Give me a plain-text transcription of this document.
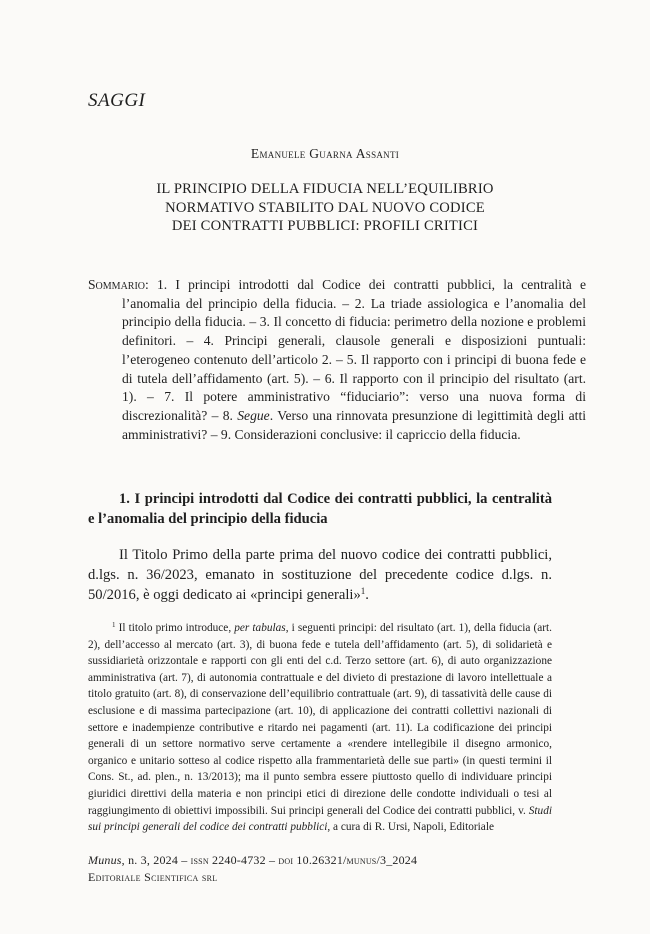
SAGGI
Emanuele Guarna Assanti
IL PRINCIPIO DELLA FIDUCIA NELL’EQUILIBRIO
NORMATIVO STABILITO DAL NUOVO CODICE
DEI CONTRATTI PUBBLICI: PROFILI CRITICI
Sommario: 1. I principi introdotti dal Codice dei contratti pubblici, la centralità e l’anomalia del principio della fiducia. – 2. La triade assiologica e l’anomalia del principio della fiducia. – 3. Il concetto di fiducia: perimetro della nozione e problemi definitori. – 4. Principi generali, clausole generali e disposizioni puntuali: l’eterogeneo contenuto dell’articolo 2. – 5. Il rapporto con i principi di buona fede e di tutela dell’affidamento (art. 5). – 6. Il rapporto con il principio del risultato (art. 1). – 7. Il potere amministrativo “fiduciario”: verso una nuova forma di discrezionalità? – 8. Segue. Verso una rinnovata presunzione di legittimità degli atti amministrativi? – 9. Considerazioni conclusive: il capriccio della fiducia.
1. I principi introdotti dal Codice dei contratti pubblici, la centralità e l’anomalia del principio della fiducia
Il Titolo Primo della parte prima del nuovo codice dei contratti pubblici, d.lgs. n. 36/2023, emanato in sostituzione del precedente codice d.lgs. n. 50/2016, è oggi dedicato ai «principi generali»$^1$.
$^1$ Il titolo primo introduce, per tabulas, i seguenti principi: del risultato (art. 1), della fiducia (art. 2), dell’accesso al mercato (art. 3), di buona fede e tutela dell’affidamento (art. 5), di solidarietà e sussidiarietà orizzontale e rapporti con gli enti del c.d. Terzo settore (art. 6), di auto organizzazione amministrativa (art. 7), di autonomia contrattuale e del divieto di prestazione di lavoro intellettuale a titolo gratuito (art. 8), di conservazione dell’equilibrio contrattuale (art. 9), di tassatività delle cause di esclusione e di massima partecipazione (art. 10), di applicazione dei contratti collettivi nazionali di settore e inadempienze contributive e ritardo nei pagamenti (art. 11). La codificazione dei principi generali di un settore normativo serve certamente a «rendere intellegibile il disegno armonico, organico e unitario sotteso al codice rispetto alla frammentarietà delle sue parti» (in questi termini il Cons. St., ad. plen., n. 13/2013); ma il punto sembra essere piuttosto quello di individuare principi giuridici direttivi della materia e non principi etici di direzione delle condotte individuali o tesi al raggiungimento di obiettivi impossibili. Sui principi generali del Codice dei contratti pubblici, v. Studi sui principi generali del codice dei contratti pubblici, a cura di R. Ursi, Napoli, Editoriale
Munus, n. 3, 2024 – issn 2240-4732 – doi 10.26321/munus/3_2024
Editoriale Scientifica srl
